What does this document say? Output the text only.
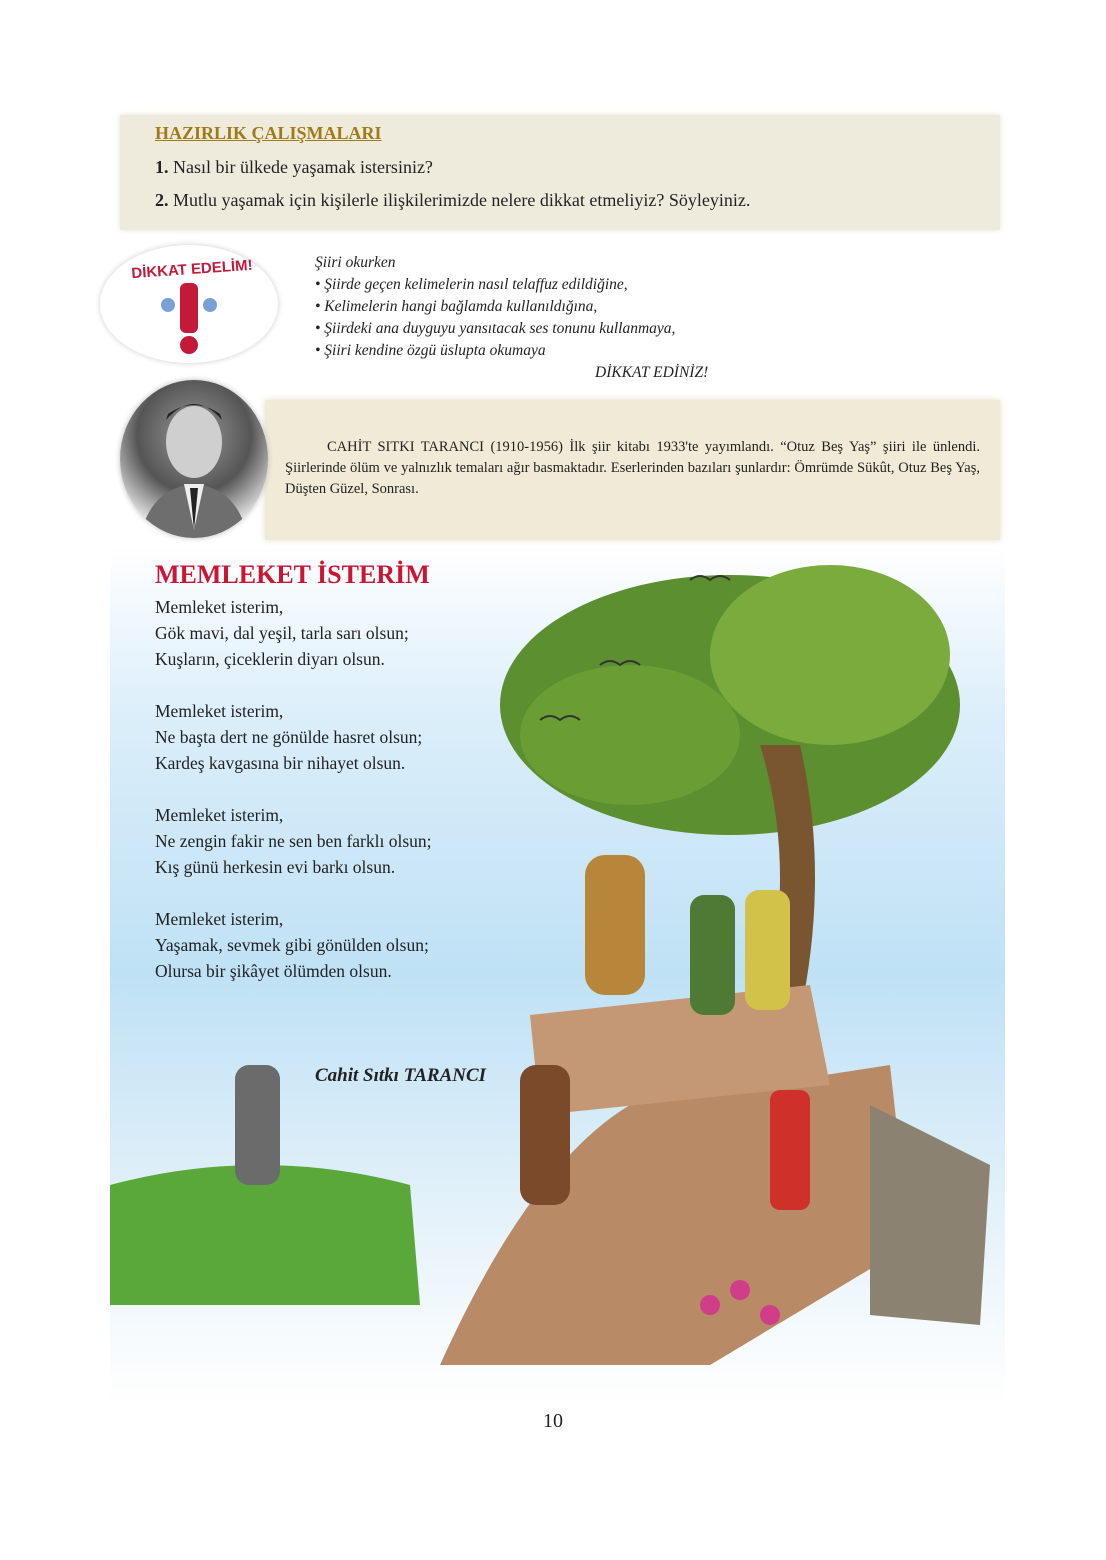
HAZIRLIK ÇALIŞMALARI
1. Nasıl bir ülkede yaşamak istersiniz?
2. Mutlu yaşamak için kişilerle ilişkilerimizde nelere dikkat etmeliyiz? Söyleyiniz.
DİKKAT EDELİM!	Şiiri okurken
• Şiirde geçen kelimelerin nasıl telaffuz edildiğine,
• Kelimelerin hangi bağlamda kullanıldığına,
• Şiirdeki ana duyguyu yansıtacak ses tonunu kullanmaya,
• Şiiri kendine özgü üslupta okumaya
DİKKAT EDİNİZ!
CAHİT SITKI TARANCI (1910-1956) İlk şiir kitabı 1933'te yayımlandı. “Otuz Beş Yaş” şiiri ile ünlendi. Şiirlerinde ölüm ve yalnızlık temaları ağır basmaktadır. Eserlerinden bazıları şunlardır: Ömrümde Sükût, Otuz Beş Yaş, Düşten Güzel, Sonrası.
MEMLEKET İSTERİM
Memleket isterim,
Gök mavi, dal yeşil, tarla sarı olsun;
Kuşların, çiceklerin diyarı olsun.
Memleket isterim,
Ne başta dert ne gönülde hasret olsun;
Kardeş kavgasına bir nihayet olsun.
Memleket isterim,
Ne zengin fakir ne sen ben farklı olsun;
Kış günü herkesin evi barkı olsun.
Memleket isterim,
Yaşamak, sevmek gibi gönülden olsun;
Olursa bir şikâyet ölümden olsun.
Cahit Sıtkı TARANCI
10
